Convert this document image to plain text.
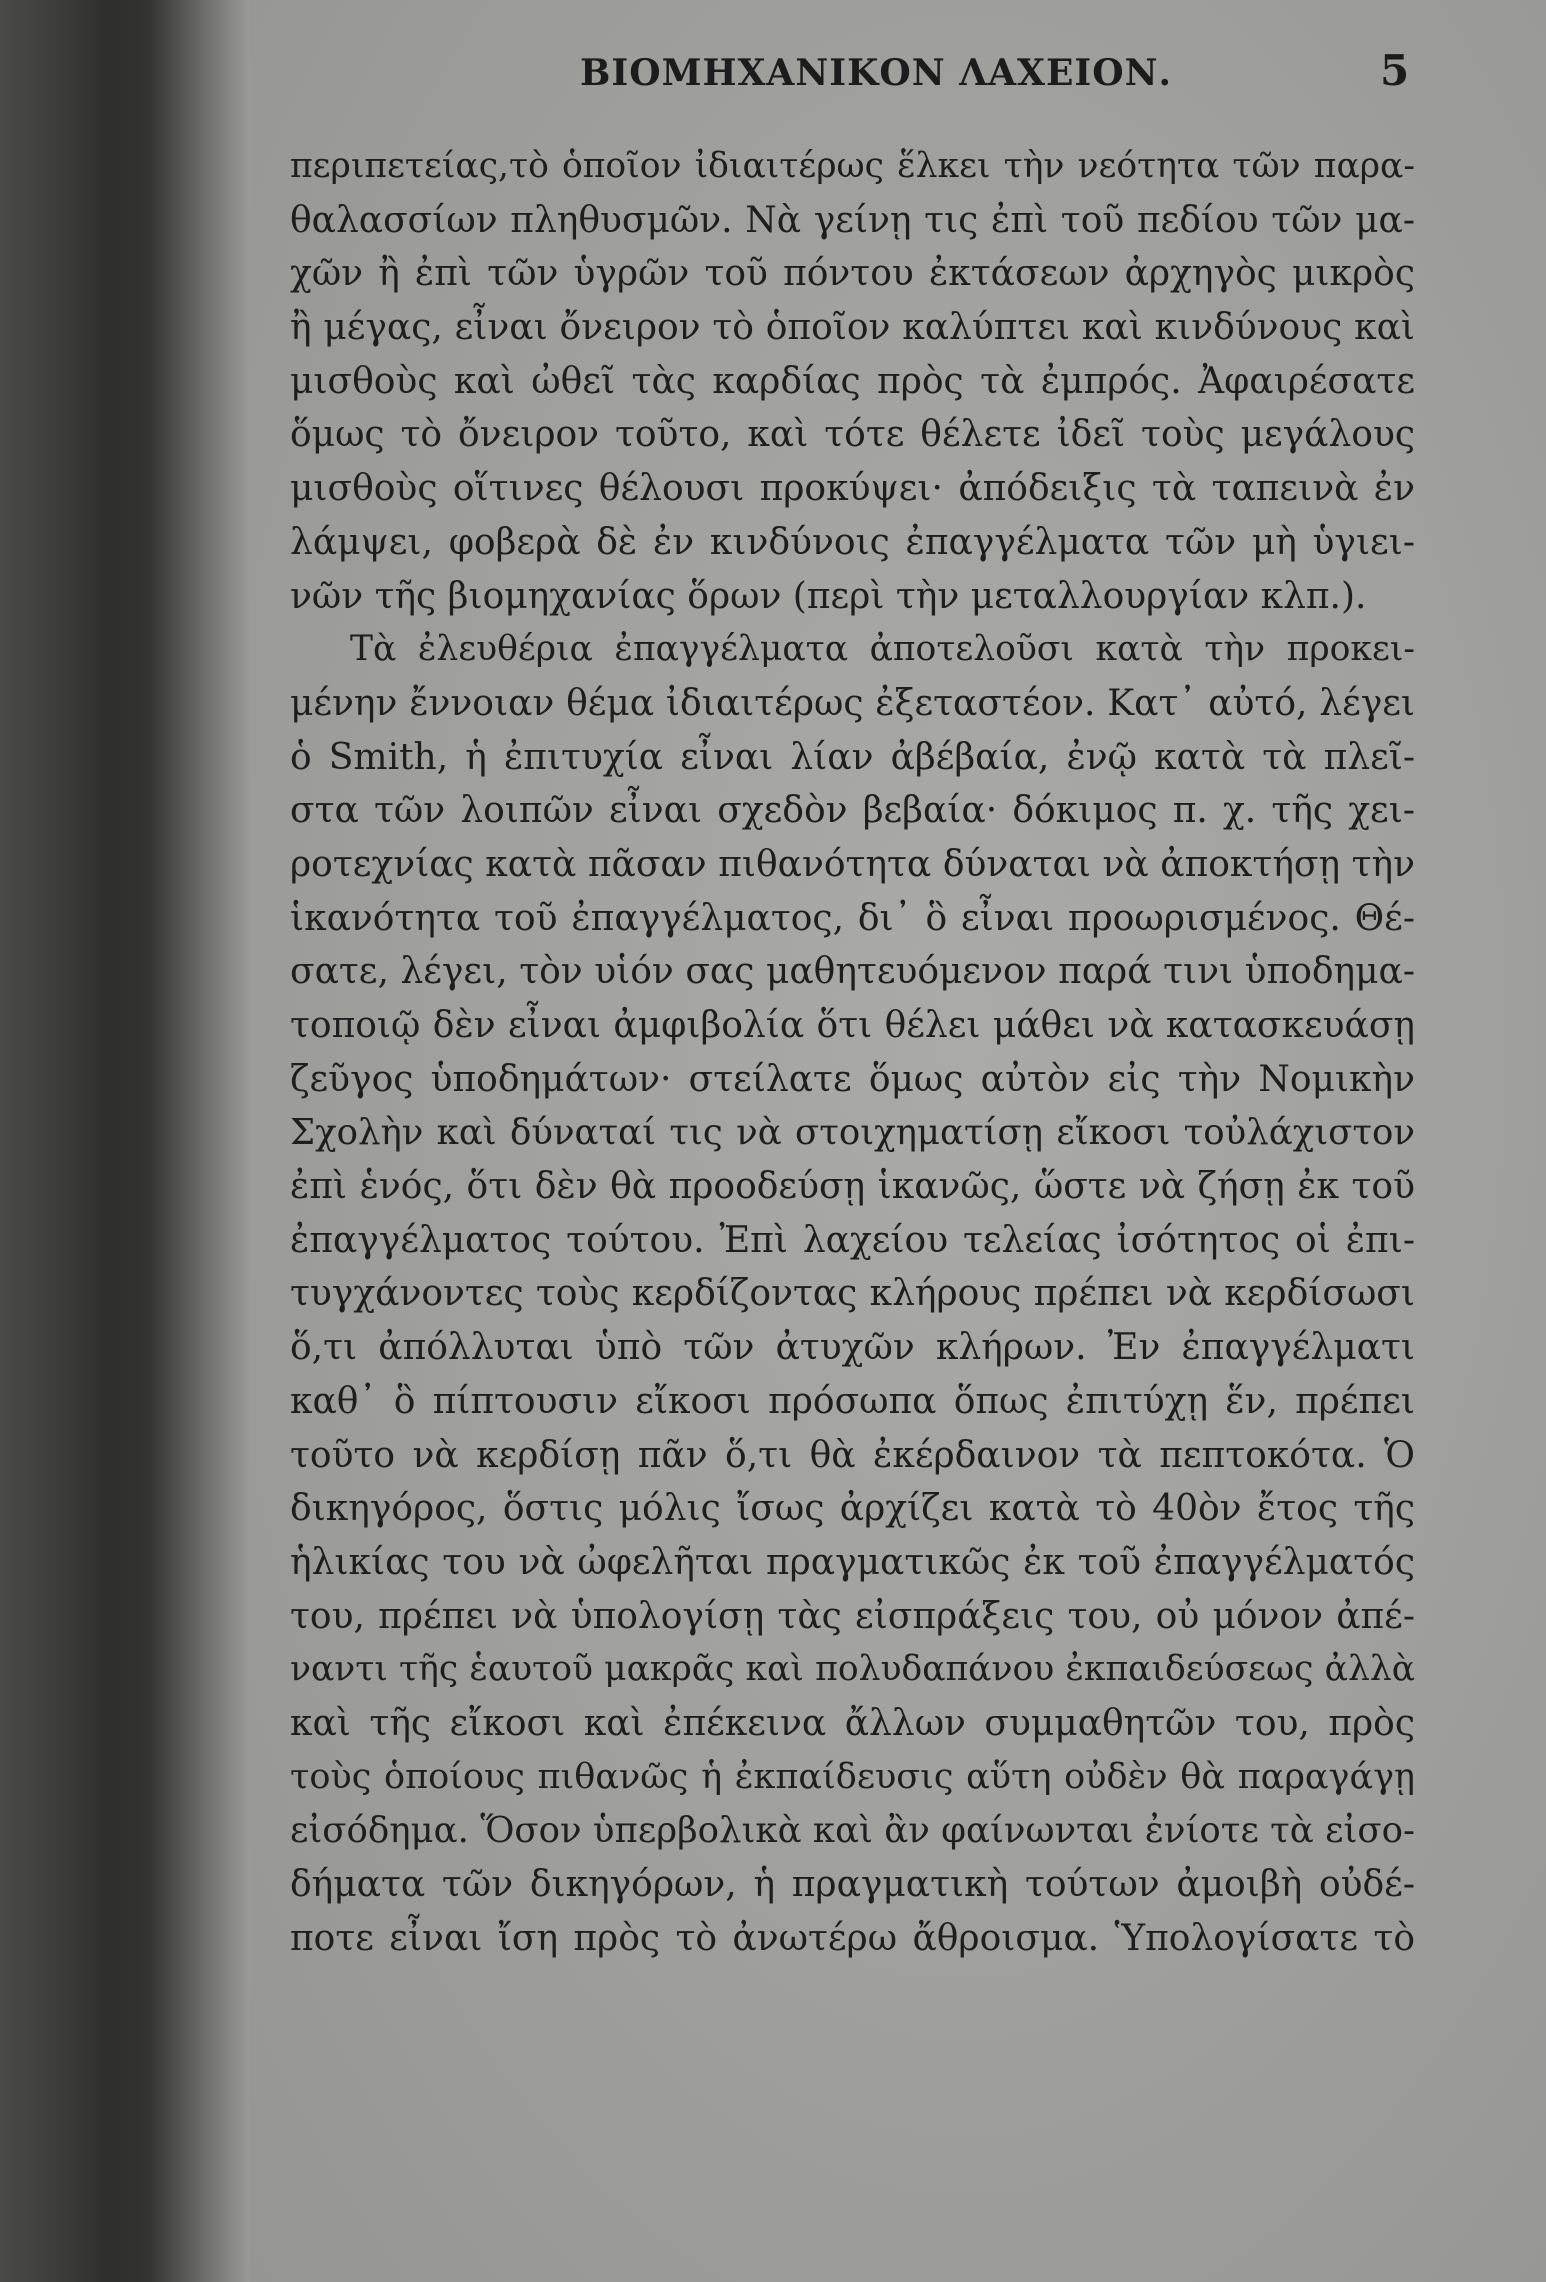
ΒΙΟΜΗΧΑΝΙΚΟΝ ΛΑΧΕΙΟΝ.	5
περιπετείας,τὸ ὁποῖον ἰδιαιτέρως ἕλκει τὴν νεότητα τῶν παρα-
θαλασσίων πληθυσμῶν. Νὰ γείνῃ τις ἐπὶ τοῦ πεδίου τῶν μα-
χῶν ἢ ἐπὶ τῶν ὑγρῶν τοῦ πόντου ἐκτάσεων ἀρχηγὸς μικρὸς
ἢ μέγας, εἶναι ὄνειρον τὸ ὁποῖον καλύπτει καὶ κινδύνους καὶ
μισθοὺς καὶ ὠθεῖ τὰς καρδίας πρὸς τὰ ἐμπρός. Ἀφαιρέσατε
ὅμως τὸ ὄνειρον τοῦτο, καὶ τότε θέλετε ἰδεῖ τοὺς μεγάλους
μισθοὺς οἵτινες θέλουσι προκύψει· ἀπόδειξις τὰ ταπεινὰ ἐν
λάμψει, φοβερὰ δὲ ἐν κινδύνοις ἐπαγγέλματα τῶν μὴ ὑγιει-
νῶν τῆς βιομηχανίας ὅρων (περὶ τὴν μεταλλουργίαν κλπ.).
Τὰ ἐλευθέρια ἐπαγγέλματα ἀποτελοῦσι κατὰ τὴν προκει-
μένην ἔννοιαν θέμα ἰδιαιτέρως ἐξεταστέον. Κατ᾽ αὐτό, λέγει
ὁ Smith, ἡ ἐπιτυχία εἶναι λίαν ἀβέβαία, ἐνῷ κατὰ τὰ πλεῖ-
στα τῶν λοιπῶν εἶναι σχεδὸν βεβαία· δόκιμος π. χ. τῆς χει-
ροτεχνίας κατὰ πᾶσαν πιθανότητα δύναται νὰ ἀποκτήσῃ τὴν
ἱκανότητα τοῦ ἐπαγγέλματος, δι᾽ ὃ εἶναι προωρισμένος. Θέ-
σατε, λέγει, τὸν υἱόν σας μαθητευόμενον παρά τινι ὑποδημα-
τοποιῷ δὲν εἶναι ἀμφιβολία ὅτι θέλει μάθει νὰ κατασκευάσῃ
ζεῦγος ὑποδημάτων· στείλατε ὅμως αὐτὸν εἰς τὴν Νομικὴν
Σχολὴν καὶ δύναταί τις νὰ στοιχηματίσῃ εἴκοσι τοὐλάχιστον
ἐπὶ ἑνός, ὅτι δὲν θὰ προοδεύσῃ ἱκανῶς, ὥστε νὰ ζήσῃ ἐκ τοῦ
ἐπαγγέλματος τούτου. Ἐπὶ λαχείου τελείας ἰσότητος οἱ ἐπι-
τυγχάνοντες τοὺς κερδίζοντας κλήρους πρέπει νὰ κερδίσωσι
ὅ,τι ἀπόλλυται ὑπὸ τῶν ἀτυχῶν κλήρων. Ἐν ἐπαγγέλματι
καθ᾽ ὃ πίπτουσιν εἴκοσι πρόσωπα ὅπως ἐπιτύχῃ ἕν, πρέπει
τοῦτο νὰ κερδίσῃ πᾶν ὅ,τι θὰ ἐκέρδαινον τὰ πεπτοκότα. Ὁ
δικηγόρος, ὅστις μόλις ἴσως ἀρχίζει κατὰ τὸ 40ὸν ἔτος τῆς
ἡλικίας του νὰ ὠφελῆται πραγματικῶς ἐκ τοῦ ἐπαγγέλματός
του, πρέπει νὰ ὑπολογίσῃ τὰς εἰσπράξεις του, οὐ μόνον ἀπέ-
ναντι τῆς ἑαυτοῦ μακρᾶς καὶ πολυδαπάνου ἐκπαιδεύσεως ἀλλὰ
καὶ τῆς εἴκοσι καὶ ἐπέκεινα ἄλλων συμμαθητῶν του, πρὸς
τοὺς ὁποίους πιθανῶς ἡ ἐκπαίδευσις αὕτη οὐδὲν θὰ παραγάγῃ
εἰσόδημα. Ὅσον ὑπερβολικὰ καὶ ἂν φαίνωνται ἐνίοτε τὰ εἰσο-
δήματα τῶν δικηγόρων, ἡ πραγματικὴ τούτων ἀμοιβὴ οὐδέ-
ποτε εἶναι ἴση πρὸς τὸ ἀνωτέρω ἄθροισμα. Ὑπολογίσατε τὸ
